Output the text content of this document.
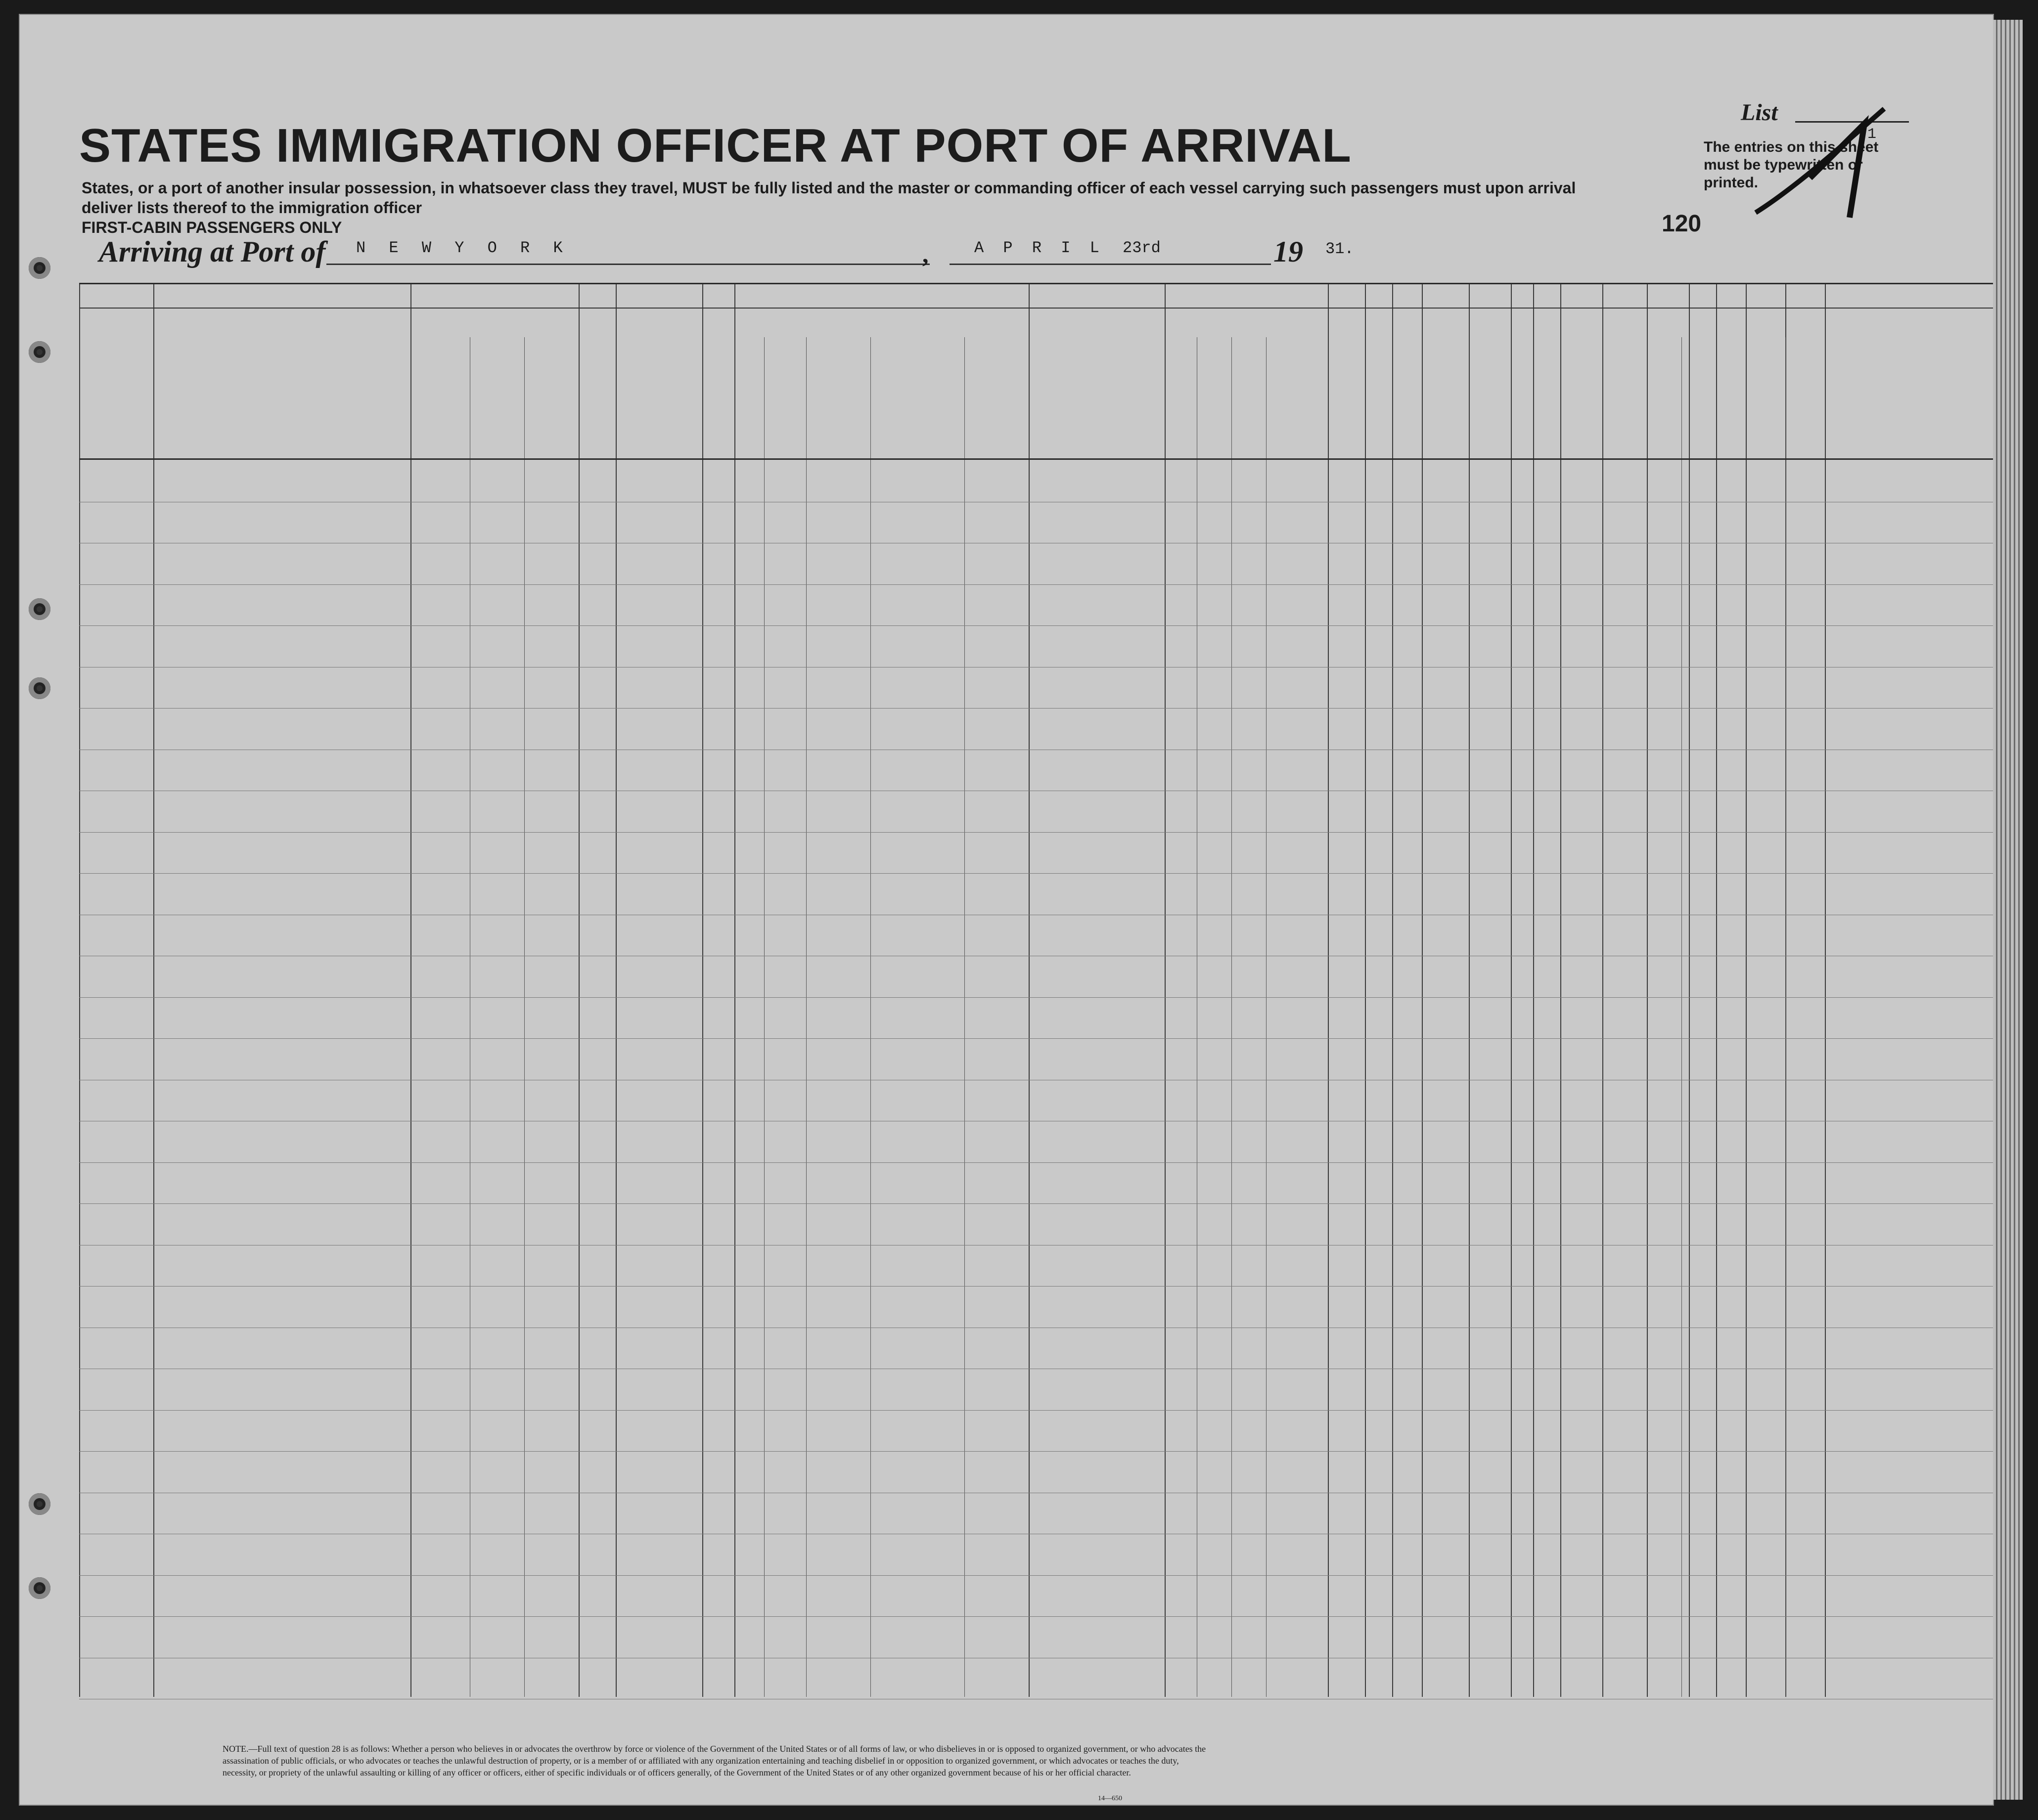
STATES IMMIGRATION OFFICER AT PORT OF ARRIVAL
States, or a port of another insular possession, in whatsoever class they travel, MUST be fully listed and the master or commanding officer of each vessel carrying such passengers must upon arrival deliver lists thereof to the immigration officer
FIRST-CABIN PASSENGERS ONLY
List
- 1
The entries on this sheet must be typewritten or printed.
120
Arriving at Port of N E W Y O R K	,	A P R I L 23rd	19 31.
NOTE.—Full text of question 28 is as follows: Whether a person who believes in or advocates the overthrow by force or violence of the Government of the United States or of all forms of law, or who disbelieves in or is opposed to organized government, or who advocates the assassination of public officials, or who advocates or teaches the unlawful destruction of property, or is a member of or affiliated with any organization entertaining and teaching disbelief in or opposition to organized government, or which advocates or teaches the duty, necessity, or propriety of the unlawful assaulting or killing of any officer or officers, either of specific individuals or of officers generally, of the Government of the United States or of any other organized government because of his or her official character.
14—650
